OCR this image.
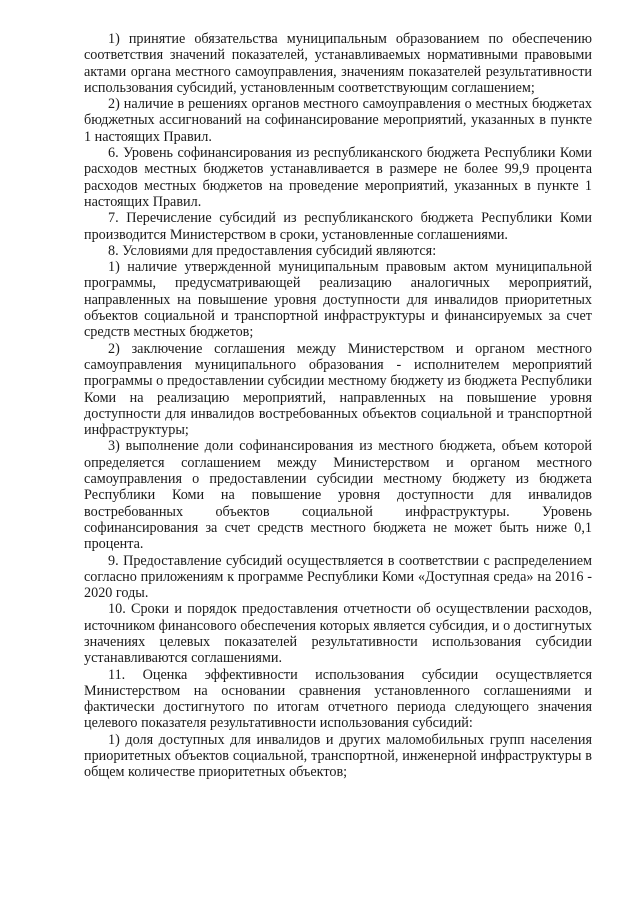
1) принятие обязательства муниципальным образованием по обеспечению соответствия значений показателей, устанавливаемых нормативными правовыми актами органа местного самоуправления, значениям показателей результативности использования субсидий, установленным соответствующим соглашением;

2) наличие в решениях органов местного самоуправления о местных бюджетах бюджетных ассигнований на софинансирование мероприятий, указанных в пункте 1 настоящих Правил.

6. Уровень софинансирования из республиканского бюджета Республики Коми расходов местных бюджетов устанавливается в размере не более 99,9 процента расходов местных бюджетов на проведение мероприятий, указанных в пункте 1 настоящих Правил.

7. Перечисление субсидий из республиканского бюджета Республики Коми производится Министерством в сроки, установленные соглашениями.

8. Условиями для предоставления субсидий являются:

1) наличие утвержденной муниципальным правовым актом муниципальной программы, предусматривающей реализацию аналогичных мероприятий, направленных на повышение уровня доступности для инвалидов приоритетных объектов социальной и транспортной инфраструктуры и финансируемых за счет средств местных бюджетов;

2) заключение соглашения между Министерством и органом местного самоуправления муниципального образования - исполнителем мероприятий программы о предоставлении субсидии местному бюджету из бюджета Республики Коми на реализацию мероприятий, направленных на повышение уровня доступности для инвалидов востребованных объектов социальной и транспортной инфраструктуры;

3) выполнение доли софинансирования из местного бюджета, объем которой определяется соглашением между Министерством и органом местного самоуправления о предоставлении субсидии местному бюджету из бюджета Республики Коми на повышение уровня доступности для инвалидов востребованных объектов социальной инфраструктуры. Уровень софинансирования за счет средств местного бюджета не может быть ниже 0,1 процента.

9. Предоставление субсидий осуществляется в соответствии с распределением согласно приложениям к программе Республики Коми «Доступная среда» на 2016 - 2020 годы.

10. Сроки и порядок предоставления отчетности об осуществлении расходов, источником финансового обеспечения которых является субсидия, и о достигнутых значениях целевых показателей результативности использования субсидии устанавливаются соглашениями.

11. Оценка эффективности использования субсидии осуществляется Министерством на основании сравнения установленного соглашениями и фактически достигнутого по итогам отчетного периода следующего значения целевого показателя результативности использования субсидий:

1) доля доступных для инвалидов и других маломобильных групп населения приоритетных объектов социальной, транспортной, инженерной инфраструктуры в общем количестве приоритетных объектов;
